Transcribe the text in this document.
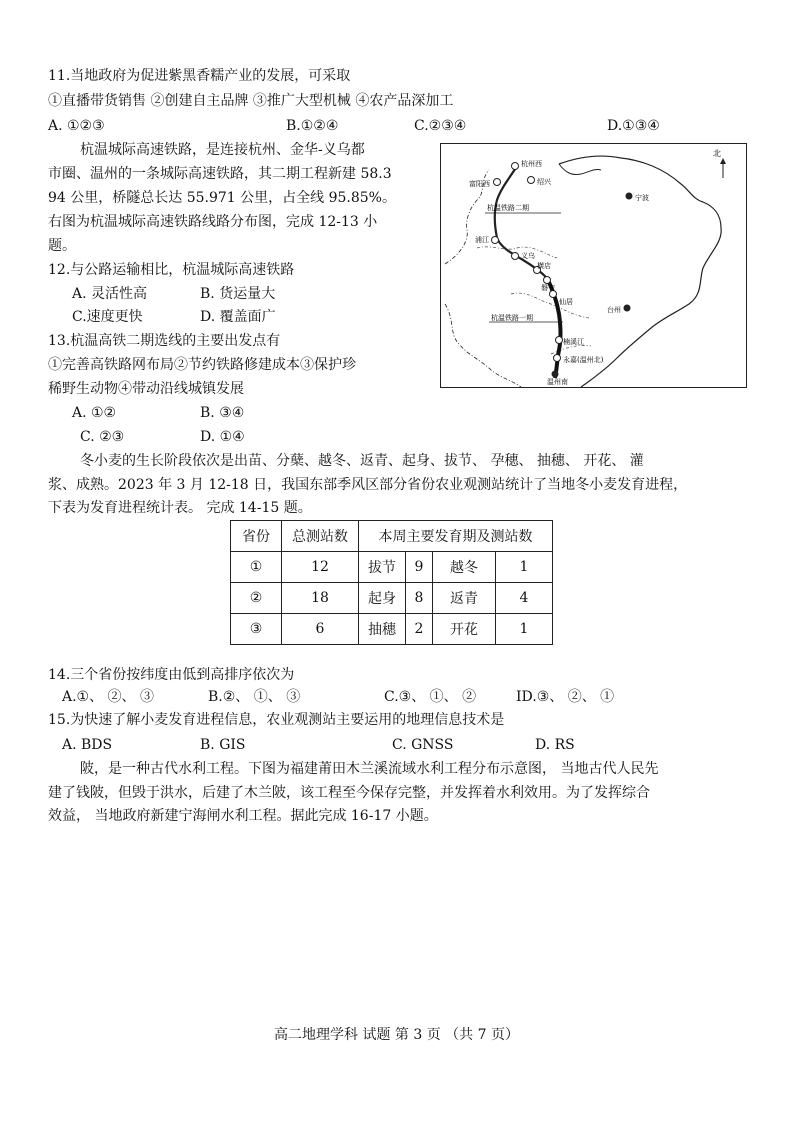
11.当地政府为促进紫黑香糯产业的发展，可采取
①直播带货销售 ②创建自主品牌 ③推广大型机械 ④农产品深加工
A. ①②③	B.①②④	C.②③④	D.①③④
杭温城际高速铁路，是连接杭州、金华-义乌都
市圈、温州的一条城际高速铁路，其二期工程新建 58.3
94 公里，桥隧总长达 55.971 公里，占全线 95.85%。
右图为杭温城际高速铁路线路分布图，完成 12-13 小
题。
12.与公路运输相比，杭温城际高速铁路
A. 灵活性高	B. 货运量大
C.速度更快	D. 覆盖面广
13.杭温高铁二期选线的主要出发点有
①完善高铁路网布局②节约铁路修建成本③保护珍
稀野生动物④带动沿线城镇发展
A. ①②	B. ③④
C. ②③	D. ①④
北
杭州西
绍兴
富阳西
宁波
浦江
义乌
横店
磐安
仙居
台州
楠溪江
永嘉(温州北)
温州南
杭温铁路二期
杭温铁路一期
冬小麦的生长阶段依次是出苗、分蘖、越冬、返青、起身、拔节、 孕穗、 抽穗、 开花、 灌
浆、成熟。2023 年 3 月 12-18 日，我国东部季风区部分省份农业观测站统计了当地冬小麦发育进程，
下表为发育进程统计表。 完成 14-15 题。
省份	总测站数	本周主要发育期及测站数			
①	12	拔节	9	越冬	1
②	18	起身	8	返青	4
③	6	抽穗	2	开花	1
14.三个省份按纬度由低到高排序依次为
A.①、 ②、 ③	B.②、 ①、 ③	C.③、 ①、 ②	ID.③、 ②、 ①
15.为快速了解小麦发育进程信息，农业观测站主要运用的地理信息技术是
A. BDS	B. GIS	C. GNSS	D. RS
陂，是一种古代水利工程。下图为福建莆田木兰溪流域水利工程分布示意图， 当地古代人民先
建了钱陂，但毁于洪水，后建了木兰陂，该工程至今保存完整，并发挥着水利效用。为了发挥综合
效益， 当地政府新建宁海闸水利工程。据此完成 16-17 小题。
高二地理学科 试题 第 3 页 （共 7 页）
